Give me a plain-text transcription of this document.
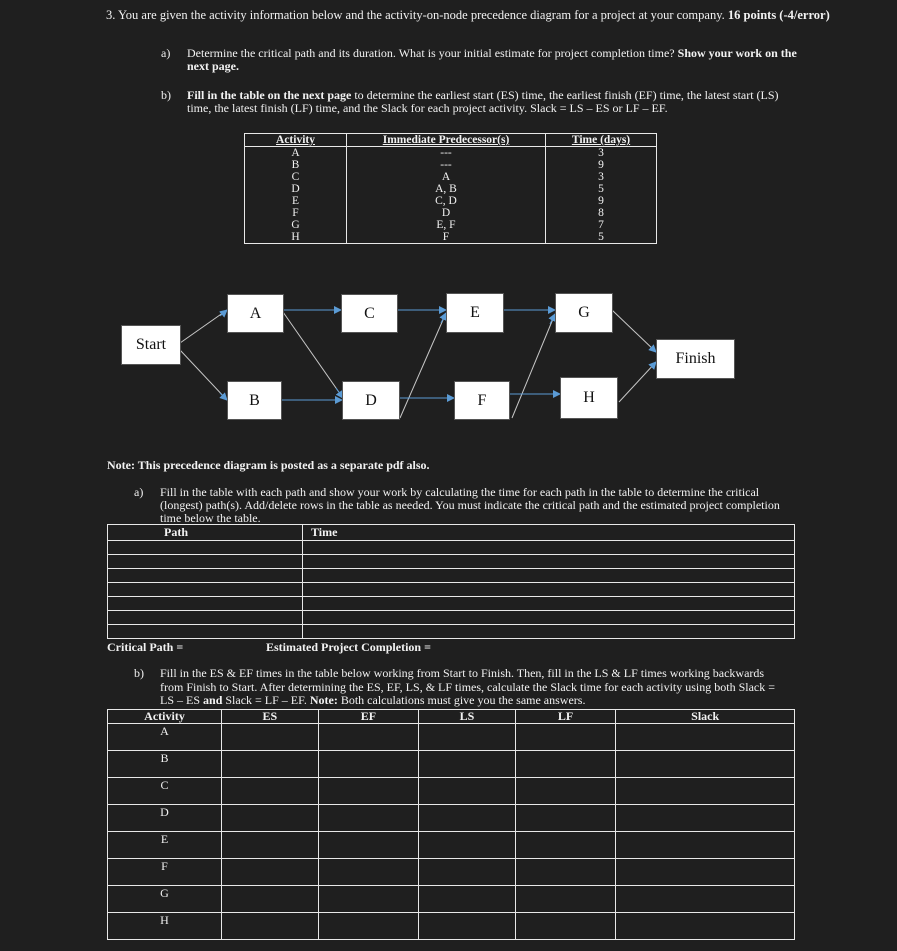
3. You are given the activity information below and the activity-on-node precedence diagram for a project at your company. 16 points (-4/error)
a) Determine the critical path and its duration. What is your initial estimate for project completion time? Show your work on the next page.
b) Fill in the table on the next page to determine the earliest start (ES) time, the earliest finish (EF) time, the latest start (LS) time, the latest finish (LF) time, and the Slack for each project activity. Slack = LS – ES or LF – EF.
Activity	Immediate Predecessor(s)	Time (days)
A	---	3
B	---	9
C	A	3
D	A, B	5
E	C, D	9
F	D	8
G	E, F	7
H	F	5
Start
A
B
C
D
E
F
G
H
Finish
Note: This precedence diagram is posted as a separate pdf also.
a) Fill in the table with each path and show your work by calculating the time for each path in the table to determine the critical (longest) path(s). Add/delete rows in the table as needed. You must indicate the critical path and the estimated project completion time below the table.
Path	Time

Critical Path =	Estimated Project Completion =
b) Fill in the ES & EF times in the table below working from Start to Finish. Then, fill in the LS & LF times working backwards from Finish to Start. After determining the ES, EF, LS, & LF times, calculate the Slack time for each activity using both Slack = LS – ES and Slack = LF – EF. Note: Both calculations must give you the same answers.
Activity	ES	EF	LS	LF	Slack
A					
B					
C					
D					
E					
F					
G					
H					
